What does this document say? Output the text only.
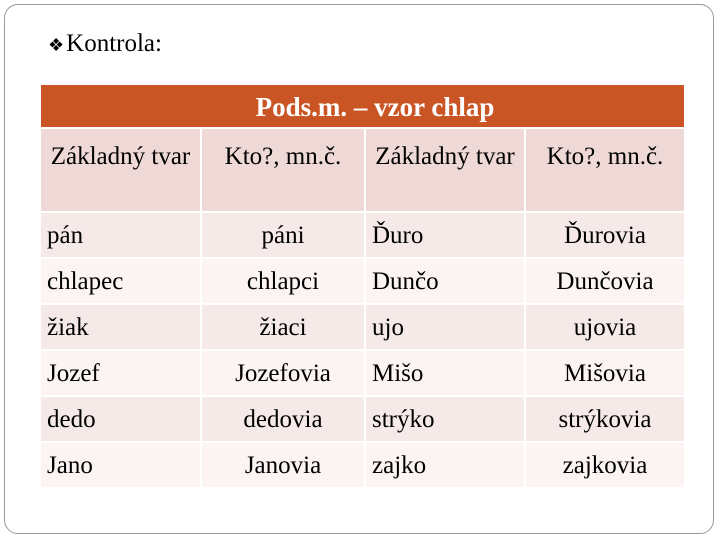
❖ Kontrola:
Pods.m. – vzor chlap
Základný tvar	Kto?, mn.č.	Základný tvar	Kto?, mn.č.
pán	páni	Ďuro	Ďurovia
chlapec	chlapci	Dunčo	Dunčovia
žiak	žiaci	ujo	ujovia
Jozef	Jozefovia	Mišo	Mišovia
dedo	dedovia	strýko	strýkovia
Jano	Janovia	zajko	zajkovia
